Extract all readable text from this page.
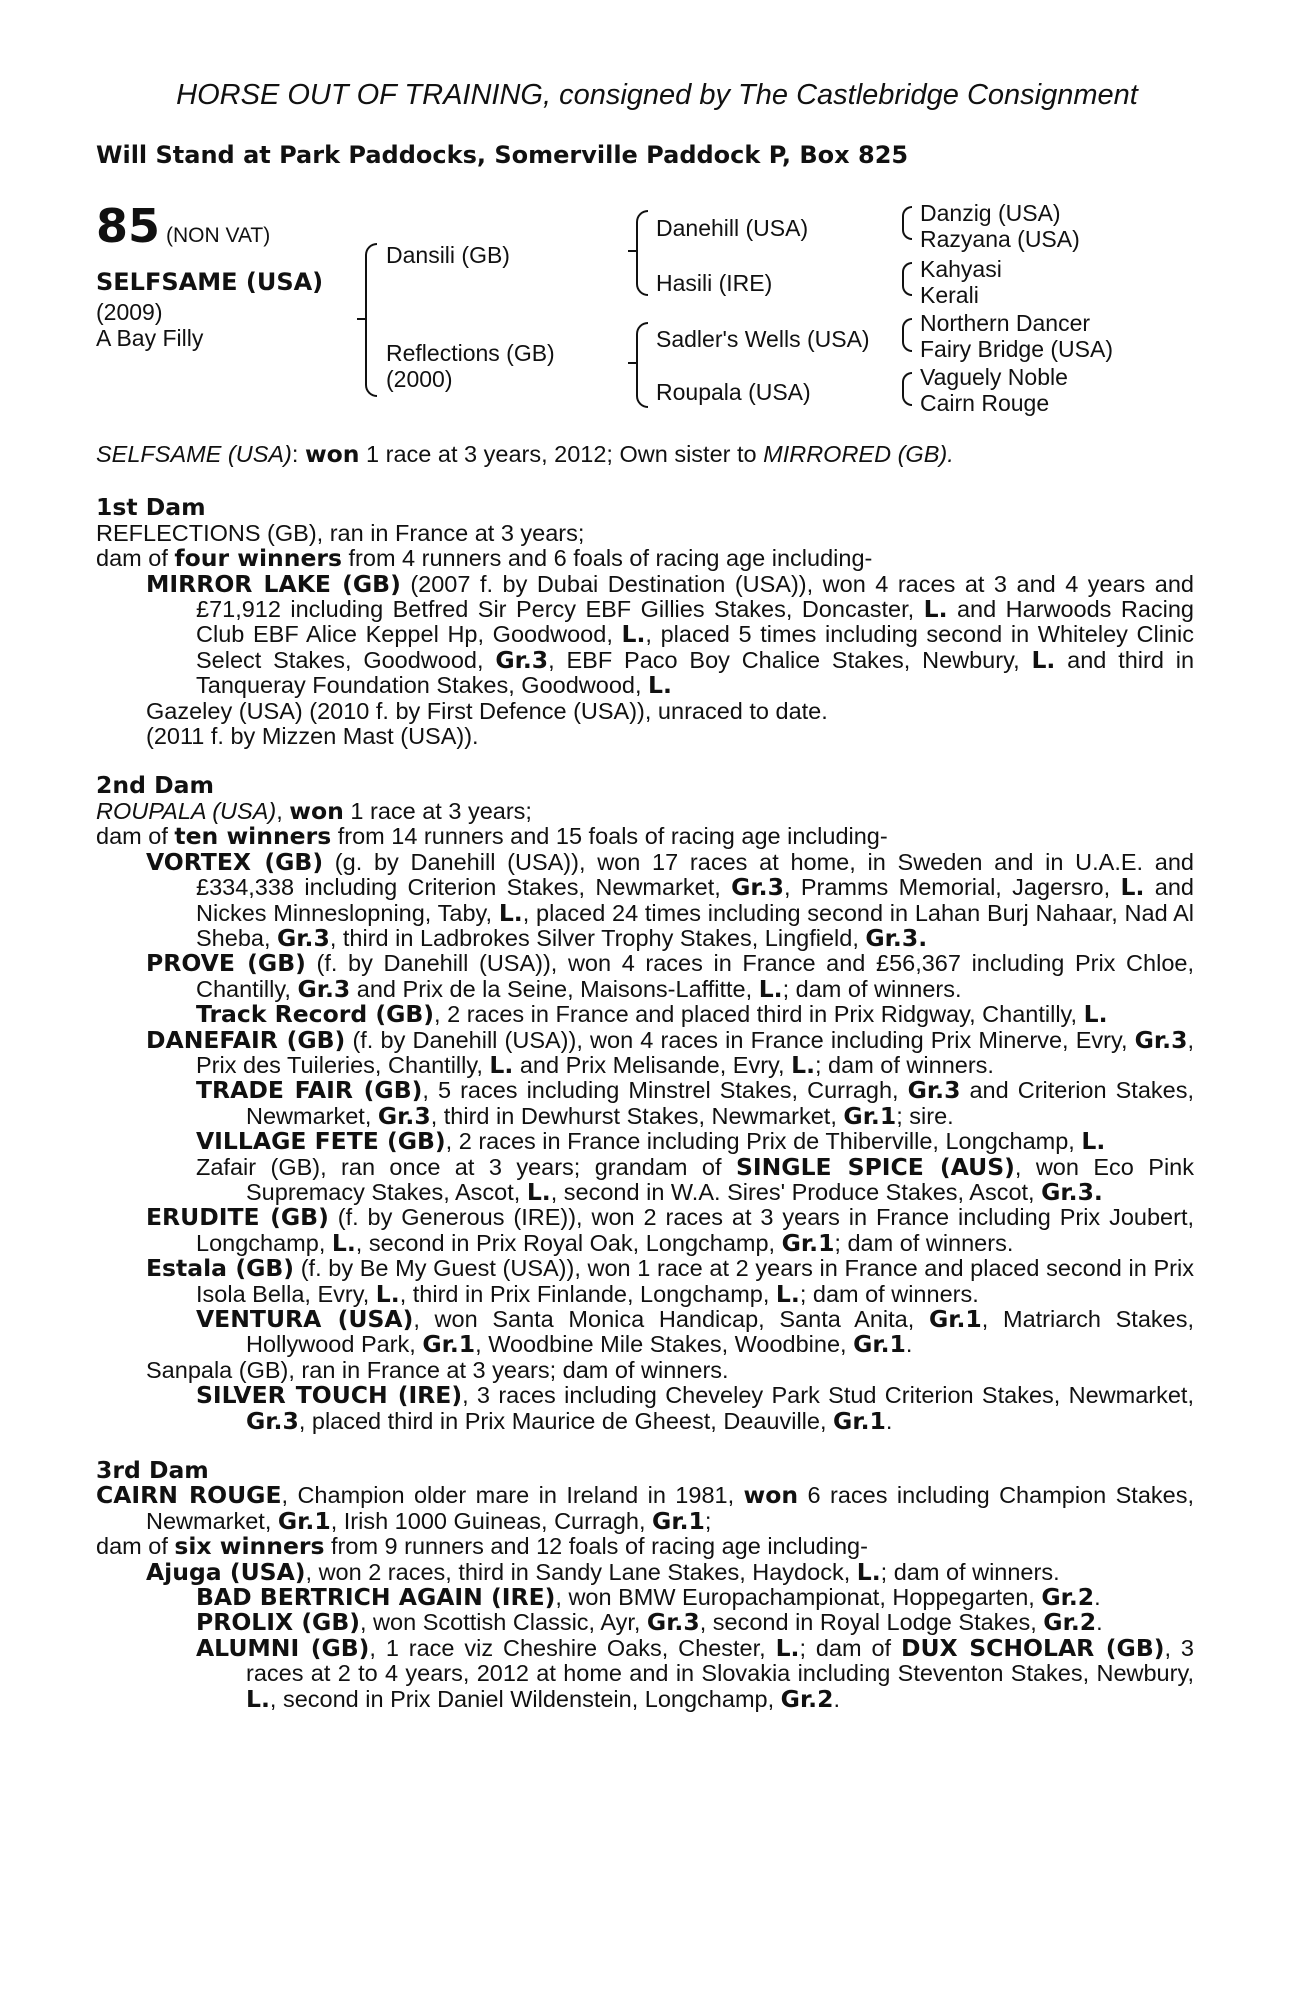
HORSE OUT OF TRAINING, consigned by The Castlebridge Consignment
Will Stand at Park Paddocks, Somerville Paddock P, Box 825
85 (NON VAT)
SELFSAME (USA)
(2009)
A Bay Filly
Dansili (GB)
Reflections (GB)
(2000)
Danehill (USA)
Hasili (IRE)
Sadler's Wells (USA)
Roupala (USA)
Danzig (USA)
Razyana (USA)
Kahyasi
Kerali
Northern Dancer
Fairy Bridge (USA)
Vaguely Noble
Cairn Rouge

SELFSAME (USA): won 1 race at 3 years, 2012; Own sister to MIRRORED (GB).

1st Dam

REFLECTIONS (GB), ran in France at 3 years;

dam of four winners from 4 runners and 6 foals of racing age including-

MIRROR LAKE (GB) (2007 f. by Dubai Destination (USA)), won 4 races at 3 and 4 years and £71,912 including Betfred Sir Percy EBF Gillies Stakes, Doncaster, L. and Harwoods Racing Club EBF Alice Keppel Hp, Goodwood, L., placed 5 times including second in Whiteley Clinic Select Stakes, Goodwood, Gr.3, EBF Paco Boy Chalice Stakes, Newbury, L. and third in Tanqueray Foundation Stakes, Goodwood, L.

Gazeley (USA) (2010 f. by First Defence (USA)), unraced to date.

(2011 f. by Mizzen Mast (USA)).

2nd Dam

ROUPALA (USA), won 1 race at 3 years;

dam of ten winners from 14 runners and 15 foals of racing age including-

VORTEX (GB) (g. by Danehill (USA)), won 17 races at home, in Sweden and in U.A.E. and £334,338 including Criterion Stakes, Newmarket, Gr.3, Pramms Memorial, Jagersro, L. and Nickes Minneslopning, Taby, L., placed 24 times including second in Lahan Burj Nahaar, Nad Al Sheba, Gr.3, third in Ladbrokes Silver Trophy Stakes, Lingfield, Gr.3.

PROVE (GB) (f. by Danehill (USA)), won 4 races in France and £56,367 including Prix Chloe, Chantilly, Gr.3 and Prix de la Seine, Maisons-Laffitte, L.; dam of winners.

Track Record (GB), 2 races in France and placed third in Prix Ridgway, Chantilly, L.

DANEFAIR (GB) (f. by Danehill (USA)), won 4 races in France including Prix Minerve, Evry, Gr.3, Prix des Tuileries, Chantilly, L. and Prix Melisande, Evry, L.; dam of winners.

TRADE FAIR (GB), 5 races including Minstrel Stakes, Curragh, Gr.3 and Criterion Stakes, Newmarket, Gr.3, third in Dewhurst Stakes, Newmarket, Gr.1; sire.

VILLAGE FETE (GB), 2 races in France including Prix de Thiberville, Longchamp, L.

Zafair (GB), ran once at 3 years; grandam of SINGLE SPICE (AUS), won Eco Pink Supremacy Stakes, Ascot, L., second in W.A. Sires' Produce Stakes, Ascot, Gr.3.

ERUDITE (GB) (f. by Generous (IRE)), won 2 races at 3 years in France including Prix Joubert, Longchamp, L., second in Prix Royal Oak, Longchamp, Gr.1; dam of winners.

Estala (GB) (f. by Be My Guest (USA)), won 1 race at 2 years in France and placed second in Prix Isola Bella, Evry, L., third in Prix Finlande, Longchamp, L.; dam of winners.

VENTURA (USA), won Santa Monica Handicap, Santa Anita, Gr.1, Matriarch Stakes, Hollywood Park, Gr.1, Woodbine Mile Stakes, Woodbine, Gr.1.

Sanpala (GB), ran in France at 3 years; dam of winners.

SILVER TOUCH (IRE), 3 races including Cheveley Park Stud Criterion Stakes, Newmarket, Gr.3, placed third in Prix Maurice de Gheest, Deauville, Gr.1.

3rd Dam

CAIRN ROUGE, Champion older mare in Ireland in 1981, won 6 races including Champion Stakes, Newmarket, Gr.1, Irish 1000 Guineas, Curragh, Gr.1;

dam of six winners from 9 runners and 12 foals of racing age including-

Ajuga (USA), won 2 races, third in Sandy Lane Stakes, Haydock, L.; dam of winners.

BAD BERTRICH AGAIN (IRE), won BMW Europachampionat, Hoppegarten, Gr.2.

PROLIX (GB), won Scottish Classic, Ayr, Gr.3, second in Royal Lodge Stakes, Gr.2.

ALUMNI (GB), 1 race viz Cheshire Oaks, Chester, L.; dam of DUX SCHOLAR (GB), 3 races at 2 to 4 years, 2012 at home and in Slovakia including Steventon Stakes, Newbury, L., second in Prix Daniel Wildenstein, Longchamp, Gr.2.
